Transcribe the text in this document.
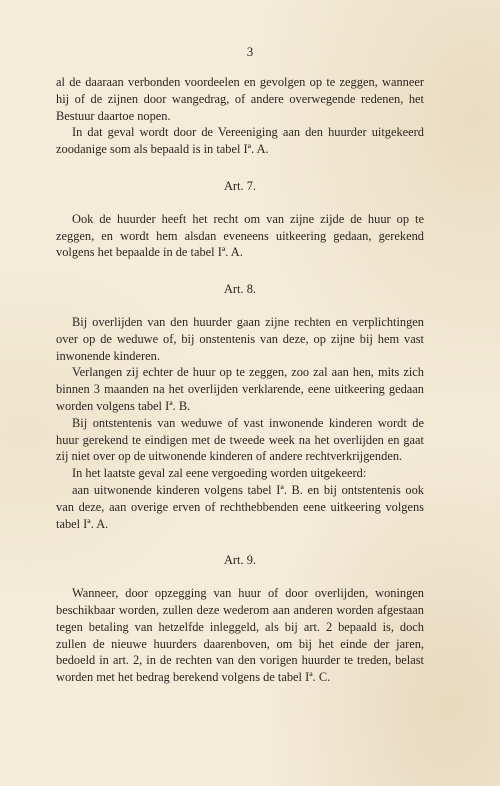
3

al de daaraan verbonden voordeelen en gevolgen op te zeggen, wanneer hij of de zijnen door wangedrag, of andere overwegende redenen, het Bestuur daartoe nopen.

In dat geval wordt door de Vereeniging aan den huurder uitgekeerd zoodanige som als bepaald is in tabel Iª. A.

Art. 7.

Ook de huurder heeft het recht om van zijne zijde de huur op te zeggen, en wordt hem alsdan eveneens uitkeering gedaan, gerekend volgens het bepaalde in de tabel Iª. A.

Art. 8.

Bij overlijden van den huurder gaan zijne rechten en verplichtingen over op de weduwe of, bij onstentenis van deze, op zijne bij hem vast inwonende kinderen.

Verlangen zij echter de huur op te zeggen, zoo zal aan hen, mits zich binnen 3 maanden na het overlijden verklarende, eene uitkeering gedaan worden volgens tabel Iª. B.

Bij ontstentenis van weduwe of vast inwonende kinderen wordt de huur gerekend te eindigen met de tweede week na het overlijden en gaat zij niet over op de uitwonende kinderen of andere rechtverkrijgenden.

In het laatste geval zal eene vergoeding worden uitgekeerd:

aan uitwonende kinderen volgens tabel Iª. B. en bij ontstentenis ook van deze, aan overige erven of rechthebbenden eene uitkeering volgens tabel Iª. A.

Art. 9.

Wanneer, door opzegging van huur of door overlijden, woningen beschikbaar worden, zullen deze wederom aan anderen worden afgestaan tegen betaling van hetzelfde inleggeld, als bij art. 2 bepaald is, doch zullen de nieuwe huurders daarenboven, om bij het einde der jaren, bedoeld in art. 2, in de rechten van den vorigen huurder te treden, belast worden met het bedrag berekend volgens de tabel Iª. C.
